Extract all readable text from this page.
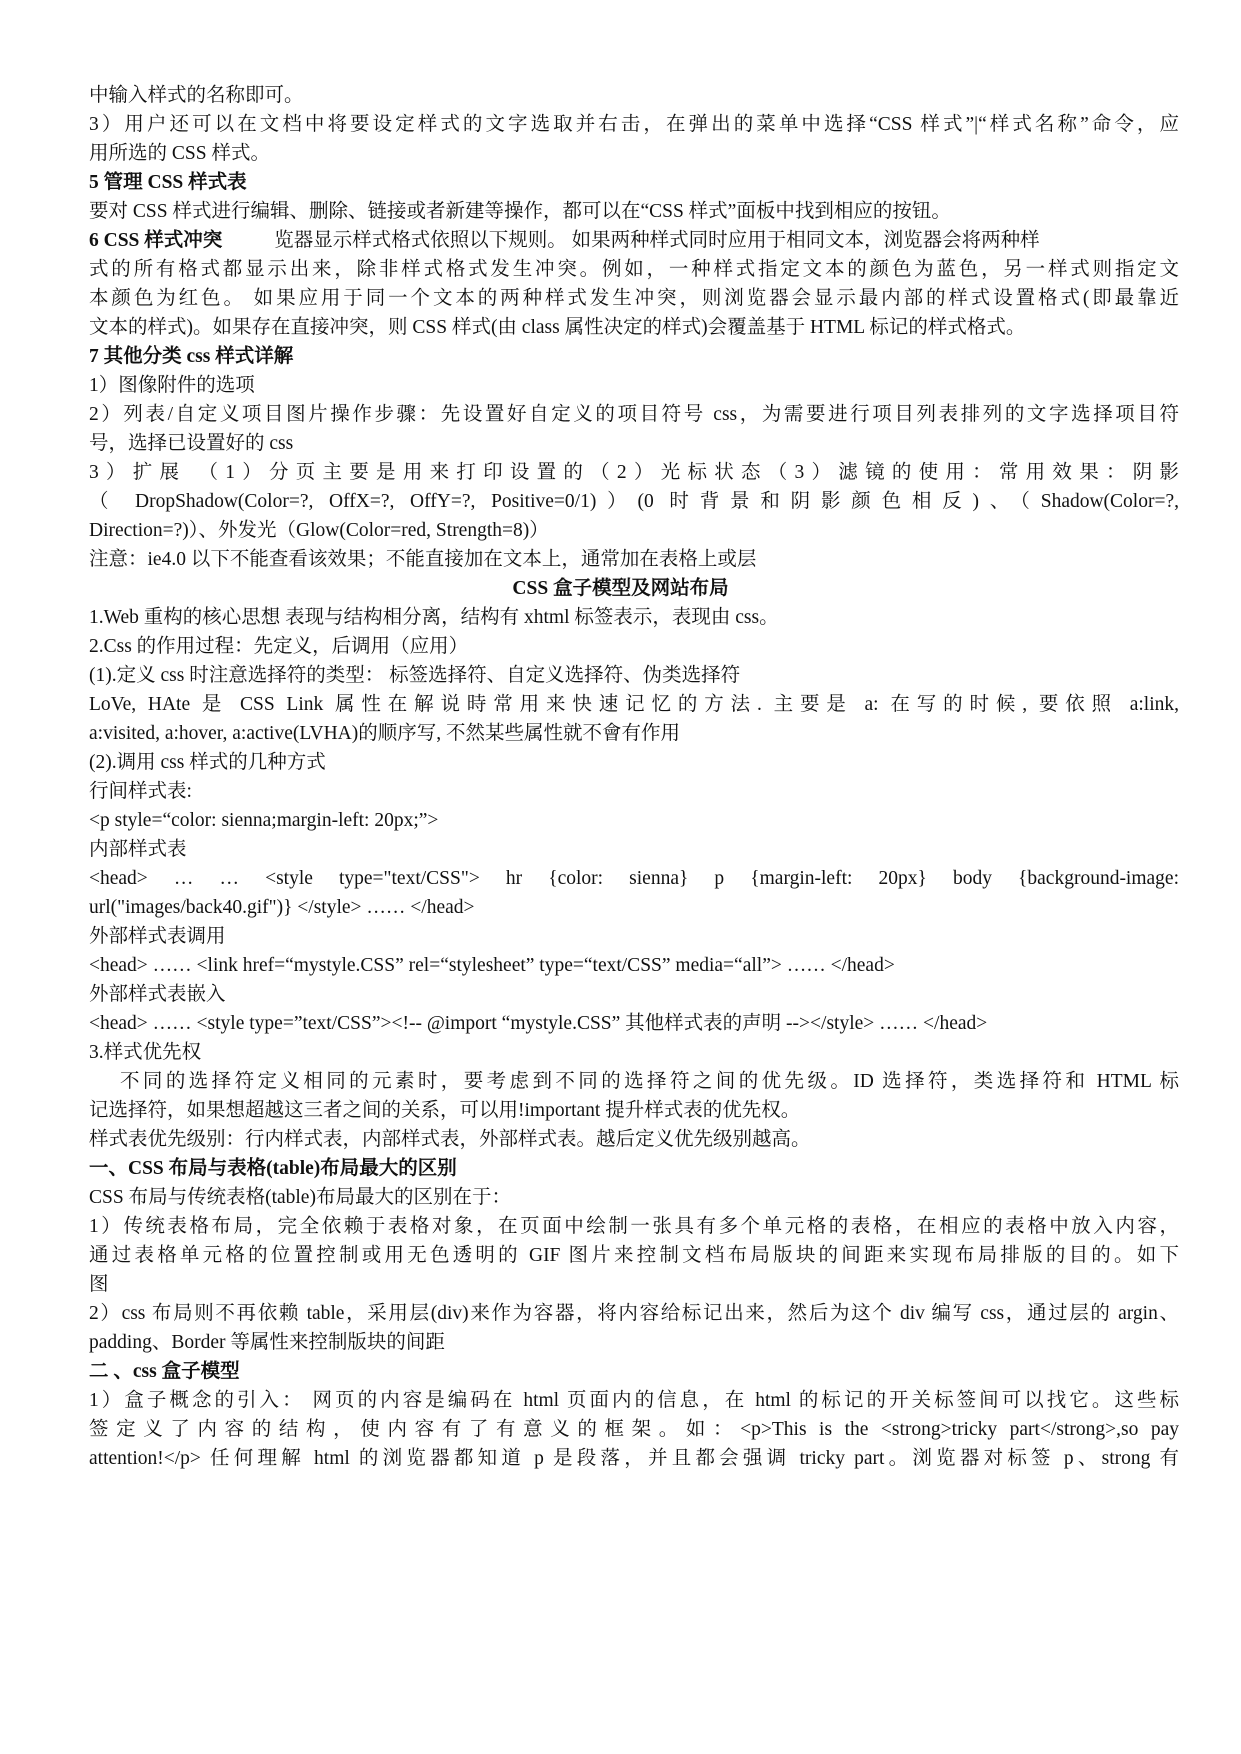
中输入样式的名称即可。
3）用户还可以在文档中将要设定样式的文字选取并右击，在弹出的菜单中选择“CSS 样式”|“样式名称”命令，应
用所选的 CSS 样式。
5 管理 CSS 样式表
要对 CSS 样式进行编辑、删除、链接或者新建等操作，都可以在“CSS 样式”面板中找到相应的按钮。
6 CSS 样式冲突	览器显示样式格式依照以下规则。 如果两种样式同时应用于相同文本，浏览器会将两种样
式的所有格式都显示出来，除非样式格式发生冲突。例如，一种样式指定文本的颜色为蓝色，另一样式则指定文
本颜色为红色。 如果应用于同一个文本的两种样式发生冲突，则浏览器会显示最内部的样式设置格式(即最靠近
文本的样式)。如果存在直接冲突，则 CSS 样式(由 class 属性决定的样式)会覆盖基于 HTML 标记的样式格式。
7 其他分类 css 样式详解
1）图像附件的选项
2）列表/自定义项目图片操作步骤：先设置好自定义的项目符号 css，为需要进行项目列表排列的文字选择项目符
号，选择已设置好的 css
3）扩展 （1）分页主要是用来打印设置的（2）光标状态（3）滤镜的使用：常用效果：阴影
（ DropShadow(Color=?, OffX=?, OffY=?, Positive=0/1)）(0 时背景和阴影颜色相反)、（Shadow(Color=?,
Direction=?)）、外发光（Glow(Color=red, Strength=8)）
注意：ie4.0 以下不能查看该效果；不能直接加在文本上，通常加在表格上或层
CSS 盒子模型及网站布局
1.Web 重构的核心思想 表现与结构相分离，结构有 xhtml 标签表示，表现由 css。
2.Css 的作用过程：先定义，后调用（应用）
(1).定义 css 时注意选择符的类型： 标签选择符、自定义选择符、伪类选择符
LoVe, HAte 是 CSS Link 属性在解说時常用来快速记忆的方法. 主要是 a: 在写的时候, 要依照 a:link,
a:visited, a:hover, a:active(LVHA)的顺序写, 不然某些属性就不會有作用
(2).调用 css 样式的几种方式
行间样式表:
<p style=“color: sienna;margin-left: 20px;”>
内部样式表
<head> … … <style type="text/CSS"> hr {color: sienna} p {margin-left: 20px} body {background-image:
url("images/back40.gif")} </style> …… </head>
外部样式表调用
<head> …… <link href=“mystyle.CSS” rel=“stylesheet” type=“text/CSS” media=“all”> …… </head>
外部样式表嵌入
<head> …… <style type=”text/CSS”><!-- @import “mystyle.CSS” 其他样式表的声明 --></style> …… </head>
3.样式优先权
不同的选择符定义相同的元素时，要考虑到不同的选择符之间的优先级。ID 选择符，类选择符和 HTML 标
记选择符，如果想超越这三者之间的关系，可以用!important 提升样式表的优先权。
样式表优先级别：行内样式表，内部样式表，外部样式表。越后定义优先级别越高。
一、CSS 布局与表格(table)布局最大的区别
CSS 布局与传统表格(table)布局最大的区别在于：
1）传统表格布局，完全依赖于表格对象，在页面中绘制一张具有多个单元格的表格，在相应的表格中放入内容，
通过表格单元格的位置控制或用无色透明的 GIF 图片来控制文档布局版块的间距来实现布局排版的目的。如下
图
2）css 布局则不再依赖 table，采用层(div)来作为容器，将内容给标记出来，然后为这个 div 编写 css，通过层的 argin、
padding、Border 等属性来控制版块的间距
二 、css 盒子模型
1）盒子概念的引入： 网页的内容是编码在 html 页面内的信息，在 html 的标记的开关标签间可以找它。这些标
签定义了内容的结构，使内容有了有意义的框架。如：<p>This is the <strong>tricky part</strong>,so pay
attention!</p> 任何理解 html 的浏览器都知道 p 是段落，并且都会强调 tricky part。浏览器对标签 p、strong 有
